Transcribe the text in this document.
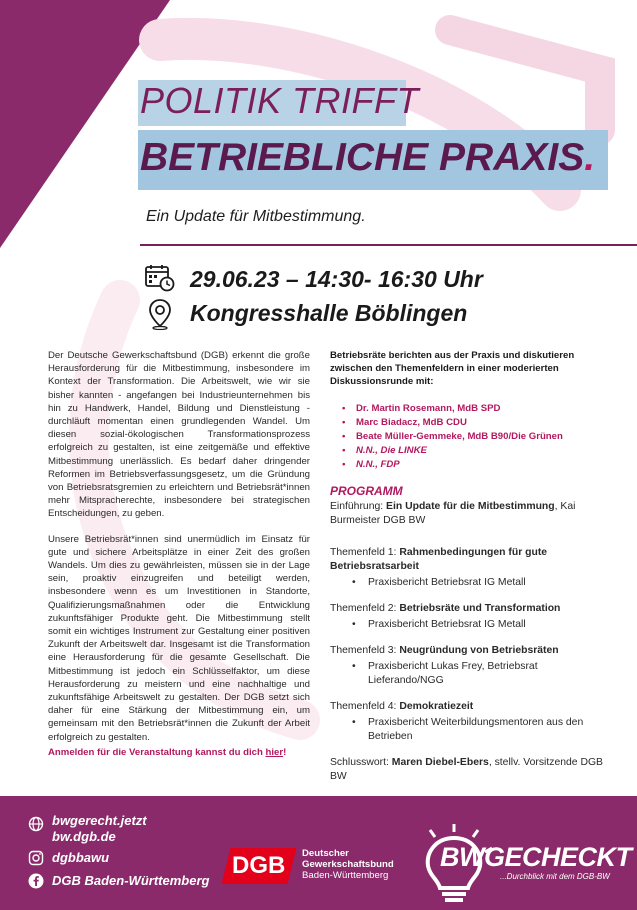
POLITIK TRIFFT
BETRIEBLICHE PRAXIS.
Ein Update für Mitbestimmung.
29.06.23 – 14:30- 16:30 Uhr
Kongresshalle Böblingen

Der Deutsche Gewerkschaftsbund (DGB) erkennt die große Herausforderung für die Mitbestimmung, insbesondere im Kontext der Transformation. Die Arbeitswelt, wie wir sie bisher kannten - angefangen bei Industrieunternehmen bis hin zu Handwerk, Handel, Bildung und Dienstleistung - durchläuft momentan einen grundlegenden Wandel. Um diesen sozial-ökologischen Transformationsprozess erfolgreich zu gestalten, ist eine zeitgemäße und effektive Mitbestimmung unerlässlich. Es bedarf daher dringender Reformen im Betriebsverfassungsgesetz, um die Gründung von Betriebsratsgremien zu erleichtern und Betriebsrät*innen mehr Mitspracherechte, insbesondere bei strategischen Entscheidungen, zu geben.

Unsere Betriebsrät*innen sind unermüdlich im Einsatz für gute und sichere Arbeitsplätze in einer Zeit des großen Wandels. Um dies zu gewährleisten, müssen sie in der Lage sein, proaktiv einzugreifen und beteiligt werden, insbesondere wenn es um Investitionen in Standorte, Qualifizierungsmaßnahmen oder die Entwicklung zukunftsfähiger Produkte geht. Die Mitbestimmung stellt somit ein wichtiges Instrument zur Gestaltung einer positiven Zukunft der Arbeitswelt dar. Insgesamt ist die Transformation eine Herausforderung für die gesamte Gesellschaft. Die Mitbestimmung ist jedoch ein Schlüsselfaktor, um diese Herausforderung zu meistern und eine nachhaltige und zukunftsfähige Arbeitswelt zu gestalten. Der DGB setzt sich daher für eine Stärkung der Mitbestimmung ein, um gemeinsam mit den Betriebsrät*innen die Zukunft der Arbeit erfolgreich zu gestalten.

Anmelden für die Veranstaltung kannst du dich hier!
Betriebsräte berichten aus der Praxis und diskutieren zwischen den Themenfeldern in einer moderierten Diskussionsrunde mit:
• Dr. Martin Rosemann, MdB SPD
• Marc Biadacz, MdB CDU
• Beate Müller-Gemmeke, MdB B90/Die Grünen
• N.N., Die LINKE
• N.N., FDP
PROGRAMM
Einführung: Ein Update für die Mitbestimmung, Kai Burmeister DGB BW
Themenfeld 1: Rahmenbedingungen für gute Betriebsratsarbeit
• Praxisbericht Betriebsrat IG Metall
Themenfeld 2: Betriebsräte und Transformation
• Praxisbericht Betriebsrat IG Metall
Themenfeld 3: Neugründung von Betriebsräten
• Praxisbericht Lukas Frey, Betriebsrat Lieferando/NGG
Themenfeld 4: Demokratiezeit
• Praxisbericht Weiterbildungsmentoren aus den Betrieben
Schlusswort: Maren Diebel-Ebers, stellv. Vorsitzende DGB BW
bwgerecht.jetzt
bw.dgb.de
dgbbawu
DGB Baden-Württemberg
DGB Deutscher
Gewerkschaftsbund
Baden-Württemberg
BWGECHECKT
...Durchblick mit dem DGB-BW
